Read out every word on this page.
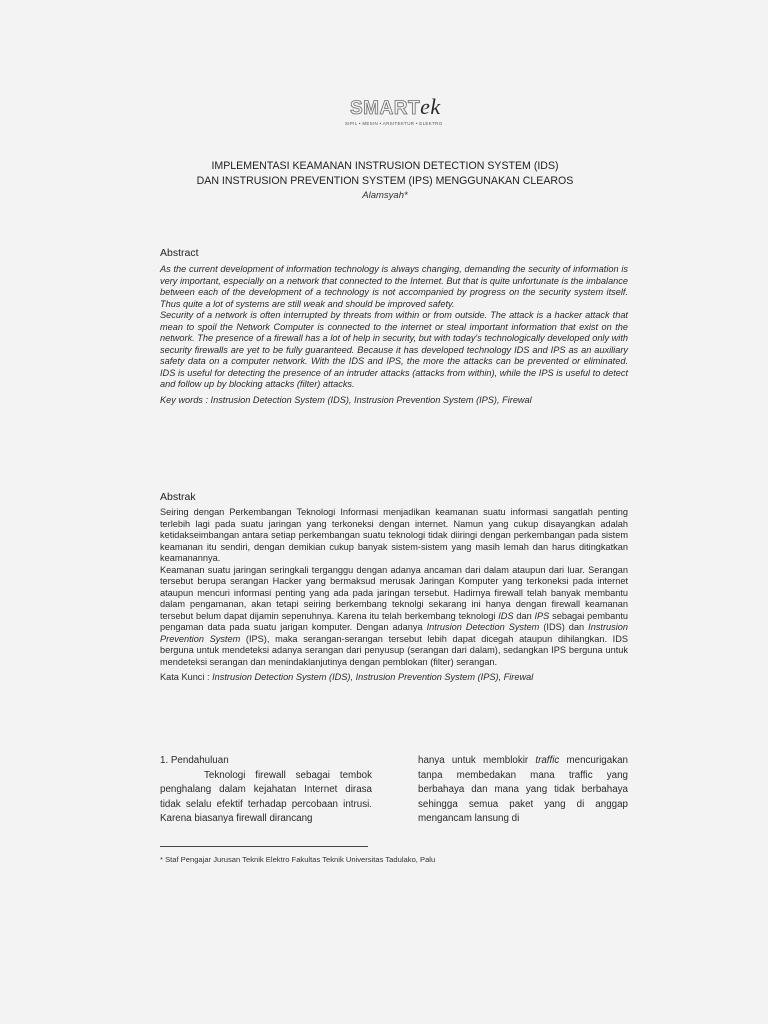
SMARTek
SIPIL • MESIN • ARSITEKTUR • ELEKTRO
IMPLEMENTASI KEAMANAN INSTRUSION DETECTION SYSTEM (IDS)
DAN INSTRUSION PREVENTION SYSTEM (IPS) MENGGUNAKAN CLEAROS
Alamsyah*
Abstract

As the current development of information technology is always changing, demanding the security of information is very important, especially on a network that connected to the Internet. But that is quite unfortunate is the imbalance between each of the development of a technology is not accompanied by progress on the security system itself. Thus quite a lot of systems are still weak and should be improved safety.

Security of a network is often interrupted by threats from within or from outside. The attack is a hacker attack that mean to spoil the Network Computer is connected to the internet or steal important information that exist on the network. The presence of a firewall has a lot of help in security, but with today's technologically developed only with security firewalls are yet to be fully guaranteed. Because it has developed technology IDS and IPS as an auxiliary safety data on a computer network. With the IDS and IPS, the more the attacks can be prevented or eliminated. IDS is useful for detecting the presence of an intruder attacks (attacks from within), while the IPS is useful to detect and follow up by blocking attacks (filter) attacks.

Key words : Instrusion Detection System (IDS), Instrusion Prevention System (IPS), Firewal

Abstrak

Seiring dengan Perkembangan Teknologi Informasi menjadikan keamanan suatu informasi sangatlah penting terlebih lagi pada suatu jaringan yang terkoneksi dengan internet. Namun yang cukup disayangkan adalah ketidakseimbangan antara setiap perkembangan suatu teknologi tidak diiringi dengan perkembangan pada sistem keamanan itu sendiri, dengan demikian cukup banyak sistem-sistem yang masih lemah dan harus ditingkatkan keamanannya.

Keamanan suatu jaringan seringkali terganggu dengan adanya ancaman dari dalam ataupun dari luar. Serangan tersebut berupa serangan Hacker yang bermaksud merusak Jaringan Komputer yang terkoneksi pada internet ataupun mencuri informasi penting yang ada pada jaringan tersebut. Hadirnya firewall telah banyak membantu dalam pengamanan, akan tetapi seiring berkembang teknolgi sekarang ini hanya dengan firewall keamanan tersebut belum dapat dijamin sepenuhnya. Karena itu telah berkembang teknologi IDS dan IPS sebagai pembantu pengaman data pada suatu jarigan komputer. Dengan adanya Intrusion Detection System (IDS) dan Instrusion Prevention System (IPS), maka serangan-serangan tersebut lebih dapat dicegah ataupun dihilangkan. IDS berguna untuk mendeteksi adanya serangan dari penyusup (serangan dari dalam), sedangkan IPS berguna untuk mendeteksi serangan dan menindaklanjutinya dengan pemblokan (filter) serangan.

Kata Kunci : Instrusion Detection System (IDS), Instrusion Prevention System (IPS), Firewal

1. Pendahuluan

Teknologi firewall sebagai tembok penghalang dalam kejahatan Internet dirasa tidak selalu efektif terhadap percobaan intrusi. Karena biasanya firewall dirancang

hanya untuk memblokir traffic mencurigakan tanpa membedakan mana traffic yang berbahaya dan mana yang tidak berbahaya sehingga semua paket yang di anggap mengancam lansung di

* Staf Pengajar Jurusan Teknik Elektro Fakultas Teknik Universitas Tadulako, Palu
